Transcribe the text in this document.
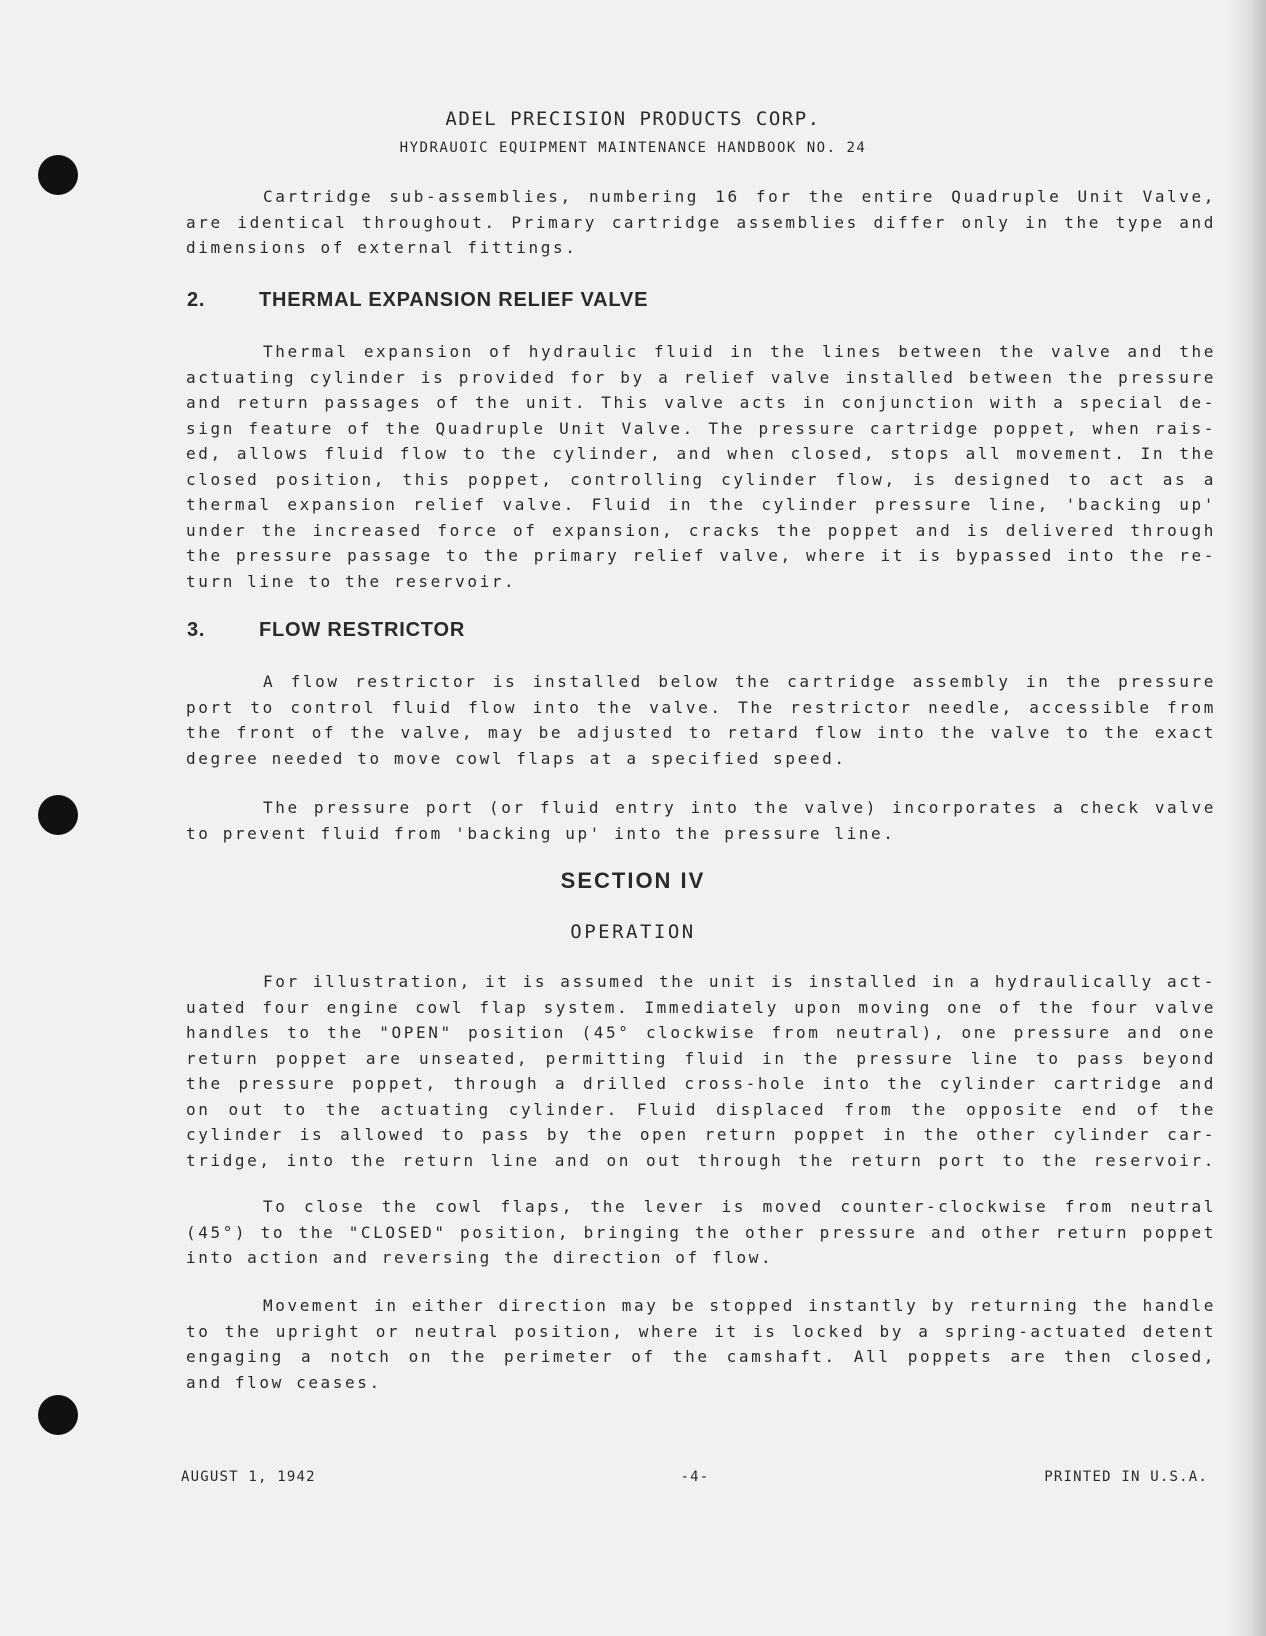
ADEL PRECISION PRODUCTS CORP.
HYDRAUOIC EQUIPMENT MAINTENANCE HANDBOOK NO. 24
Cartridge sub-assemblies, numbering 16 for the entire Quadruple Unit Valve,
are identical throughout. Primary cartridge assemblies differ only in the type and
dimensions of external fittings.
2.	THERMAL EXPANSION RELIEF VALVE
Thermal expansion of hydraulic fluid in the lines between the valve and the
actuating cylinder is provided for by a relief valve installed between the pressure
and return passages of the unit. This valve acts in conjunction with a special de-
sign feature of the Quadruple Unit Valve. The pressure cartridge poppet, when rais-
ed, allows fluid flow to the cylinder, and when closed, stops all movement. In the
closed position, this poppet, controlling cylinder flow, is designed to act as a
thermal expansion relief valve. Fluid in the cylinder pressure line, 'backing up'
under the increased force of expansion, cracks the poppet and is delivered through
the pressure passage to the primary relief valve, where it is bypassed into the re-
turn line to the reservoir.
3.	FLOW RESTRICTOR
A flow restrictor is installed below the cartridge assembly in the pressure
port to control fluid flow into the valve. The restrictor needle, accessible from
the front of the valve, may be adjusted to retard flow into the valve to the exact
degree needed to move cowl flaps at a specified speed.
The pressure port (or fluid entry into the valve) incorporates a check valve
to prevent fluid from 'backing up' into the pressure line.
SECTION IV
OPERATION
For illustration, it is assumed the unit is installed in a hydraulically act-
uated four engine cowl flap system. Immediately upon moving one of the four valve
handles to the "OPEN" position (45° clockwise from neutral), one pressure and one
return poppet are unseated, permitting fluid in the pressure line to pass beyond
the pressure poppet, through a drilled cross-hole into the cylinder cartridge and
on out to the actuating cylinder. Fluid displaced from the opposite end of the
cylinder is allowed to pass by the open return poppet in the other cylinder car-
tridge, into the return line and on out through the return port to the reservoir.
To close the cowl flaps, the lever is moved counter-clockwise from neutral
(45°) to the "CLOSED" position, bringing the other pressure and other return poppet
into action and reversing the direction of flow.
Movement in either direction may be stopped instantly by returning the handle
to the upright or neutral position, where it is locked by a spring-actuated detent
engaging a notch on the perimeter of the camshaft. All poppets are then closed,
and flow ceases.
AUGUST 1, 1942	-4-	PRINTED IN U.S.A.
